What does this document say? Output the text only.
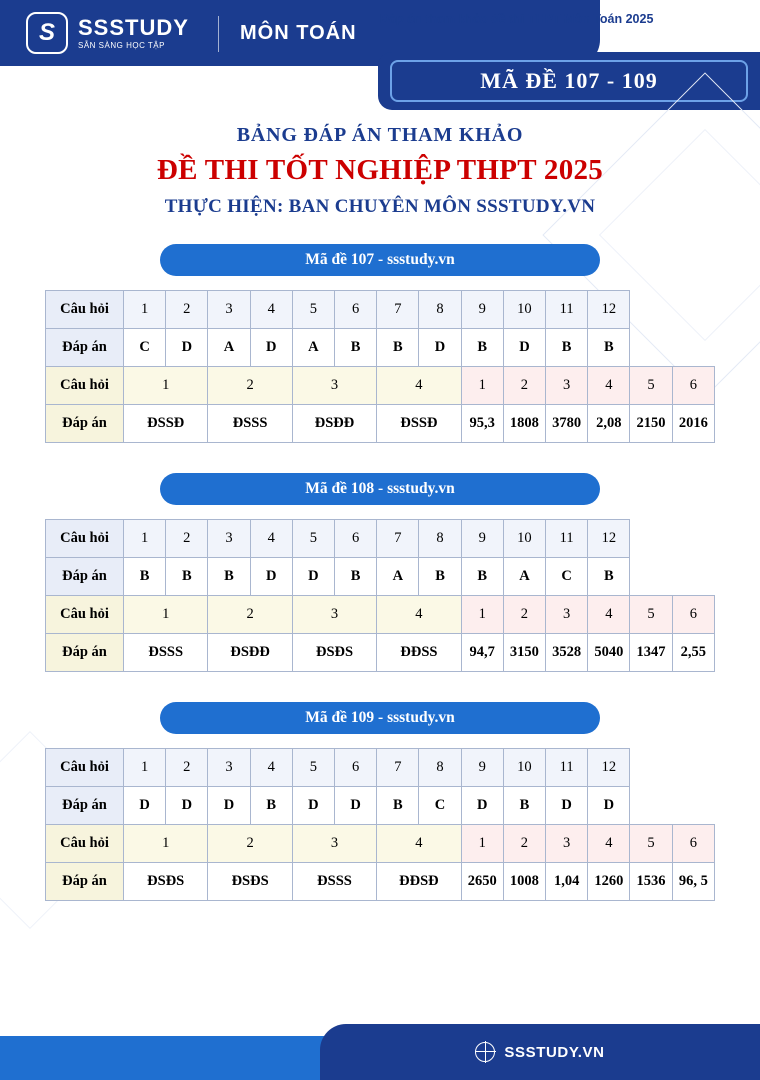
S	SSSTUDY
SẴN SÀNG HỌC TẬP
MÔN TOÁN
Đáp án tham khảo đề thi THPT Môn Toán 2025
MÃ ĐỀ 107 - 109
BẢNG ĐÁP ÁN THAM KHẢO
ĐỀ THI TỐT NGHIỆP THPT 2025
THỰC HIỆN: BAN CHUYÊN MÔN SSSTUDY.VN
Mã đề 107 - ssstudy.vn
Câu hỏi	1	2	3	4	5	6	7	8	9	10	11	12		
Đáp án	C	D	A	D	A	B	B	D	B	D	B	B		
Câu hỏi	1		2		3		4		1	2	3	4	5	6
Đáp án	ĐSSĐ		ĐSSS		ĐSĐĐ		ĐSSĐ		95,3	1808	3780	2,08	2150	2016
Mã đề 108 - ssstudy.vn
Câu hỏi	1	2	3	4	5	6	7	8	9	10	11	12		
Đáp án	B	B	B	D	D	B	A	B	B	A	C	B		
Câu hỏi	1		2		3		4		1	2	3	4	5	6
Đáp án	ĐSSS		ĐSĐĐ		ĐSĐS		ĐĐSS		94,7	3150	3528	5040	1347	2,55
Mã đề 109 - ssstudy.vn
Câu hỏi	1	2	3	4	5	6	7	8	9	10	11	12		
Đáp án	D	D	D	B	D	D	B	C	D	B	D	D		
Câu hỏi	1		2		3		4		1	2	3	4	5	6
Đáp án	ĐSĐS		ĐSĐS		ĐSSS		ĐĐSĐ		2650	1008	1,04	1260	1536	96, 5
SSSTUDY.VN
